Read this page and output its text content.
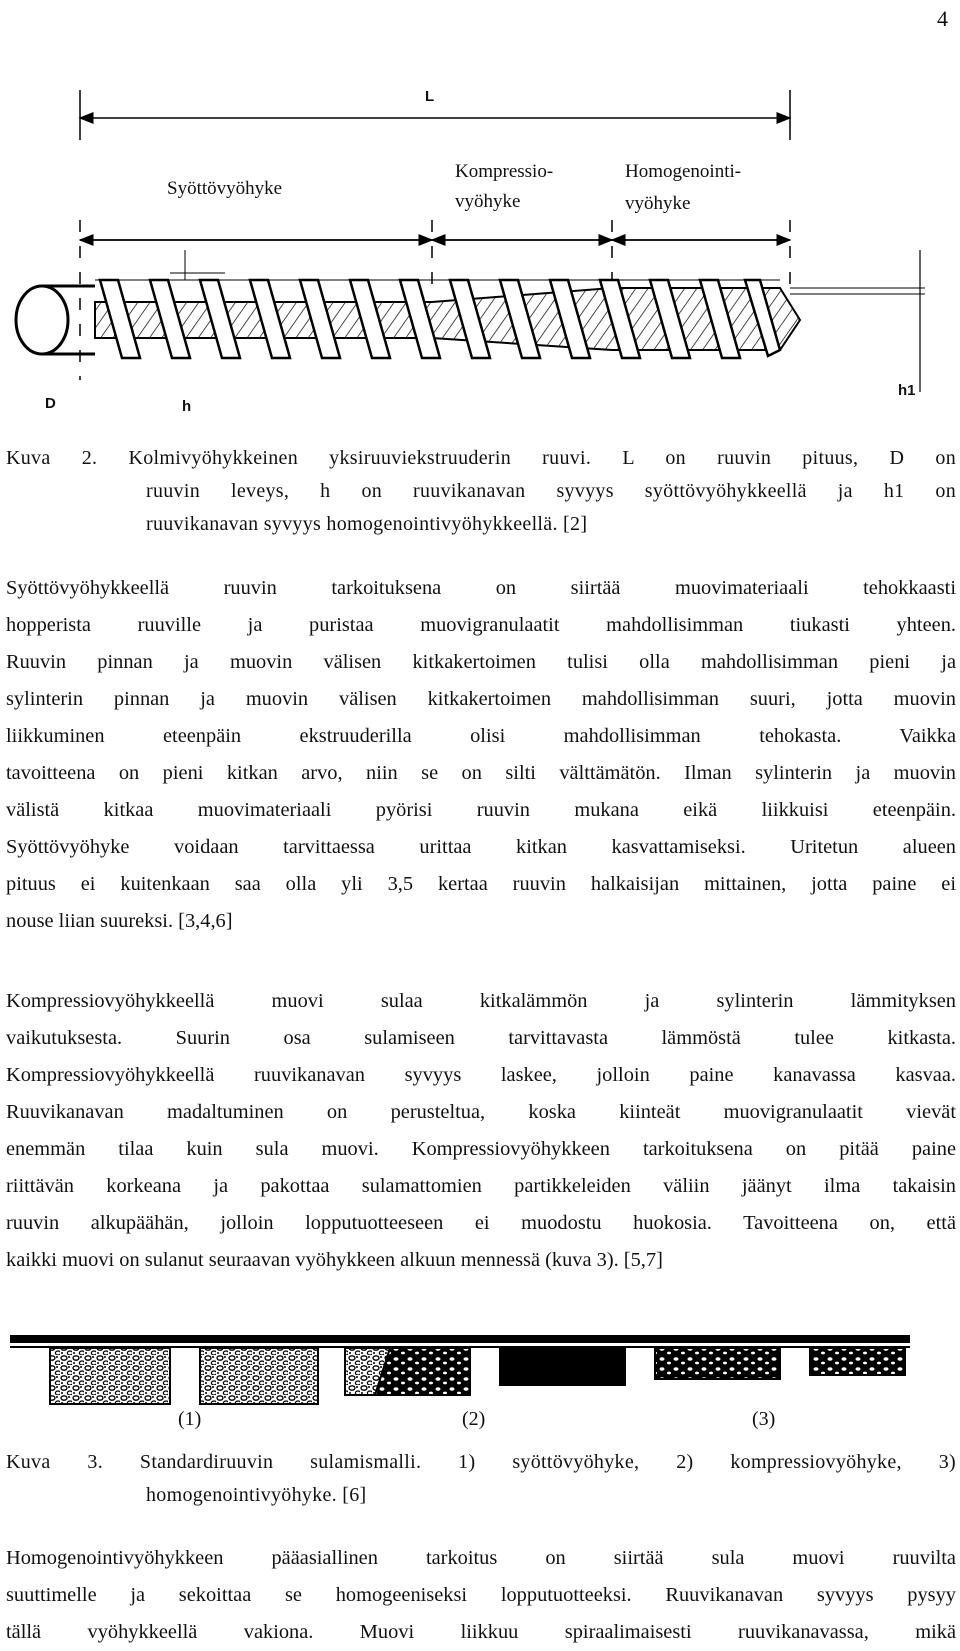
4
L
D	h
h1
Syöttövyöhyke
Kompressio-
vyöhyke
Homogenointi-
vyöhyke
Kuva 2. Kolmivyöhykkeinen yksiruuviekstruuderin ruuvi. L on ruuvin pituus, D on
ruuvin leveys, h on ruuvikanavan syvyys syöttövyöhykkeellä ja h1 on
ruuvikanavan syvyys homogenointivyöhykkeellä. [2]
Syöttövyöhykkeellä ruuvin tarkoituksena on siirtää muovimateriaali tehokkaasti
hopperista ruuville ja puristaa muovigranulaatit mahdollisimman tiukasti yhteen.
Ruuvin pinnan ja muovin välisen kitkakertoimen tulisi olla mahdollisimman pieni ja
sylinterin pinnan ja muovin välisen kitkakertoimen mahdollisimman suuri, jotta muovin
liikkuminen eteenpäin ekstruuderilla olisi mahdollisimman tehokasta. Vaikka
tavoitteena on pieni kitkan arvo, niin se on silti välttämätön. Ilman sylinterin ja muovin
välistä kitkaa muovimateriaali pyörisi ruuvin mukana eikä liikkuisi eteenpäin.
Syöttövyöhyke voidaan tarvittaessa urittaa kitkan kasvattamiseksi. Uritetun alueen
pituus ei kuitenkaan saa olla yli 3,5 kertaa ruuvin halkaisijan mittainen, jotta paine ei
nouse liian suureksi. [3,4,6]
Kompressiovyöhykkeellä muovi sulaa kitkalämmön ja sylinterin lämmityksen
vaikutuksesta. Suurin osa sulamiseen tarvittavasta lämmöstä tulee kitkasta.
Kompressiovyöhykkeellä ruuvikanavan syvyys laskee, jolloin paine kanavassa kasvaa.
Ruuvikanavan madaltuminen on perusteltua, koska kiinteät muovigranulaatit vievät
enemmän tilaa kuin sula muovi. Kompressiovyöhykkeen tarkoituksena on pitää paine
riittävän korkeana ja pakottaa sulamattomien partikkeleiden väliin jäänyt ilma takaisin
ruuvin alkupäähän, jolloin lopputuotteeseen ei muodostu huokosia. Tavoitteena on, että
kaikki muovi on sulanut seuraavan vyöhykkeen alkuun mennessä (kuva 3). [5,7]
(1)	(2)	(3)
Kuva 3. Standardiruuvin sulamismalli. 1) syöttövyöhyke, 2) kompressiovyöhyke, 3)
homogenointivyöhyke. [6]
Homogenointivyöhykkeen pääasiallinen tarkoitus on siirtää sula muovi ruuvilta
suuttimelle ja sekoittaa se homogeeniseksi lopputuotteeksi. Ruuvikanavan syvyys pysyy
tällä vyöhykkeellä vakiona. Muovi liikkuu spiraalimaisesti ruuvikanavassa, mikä
